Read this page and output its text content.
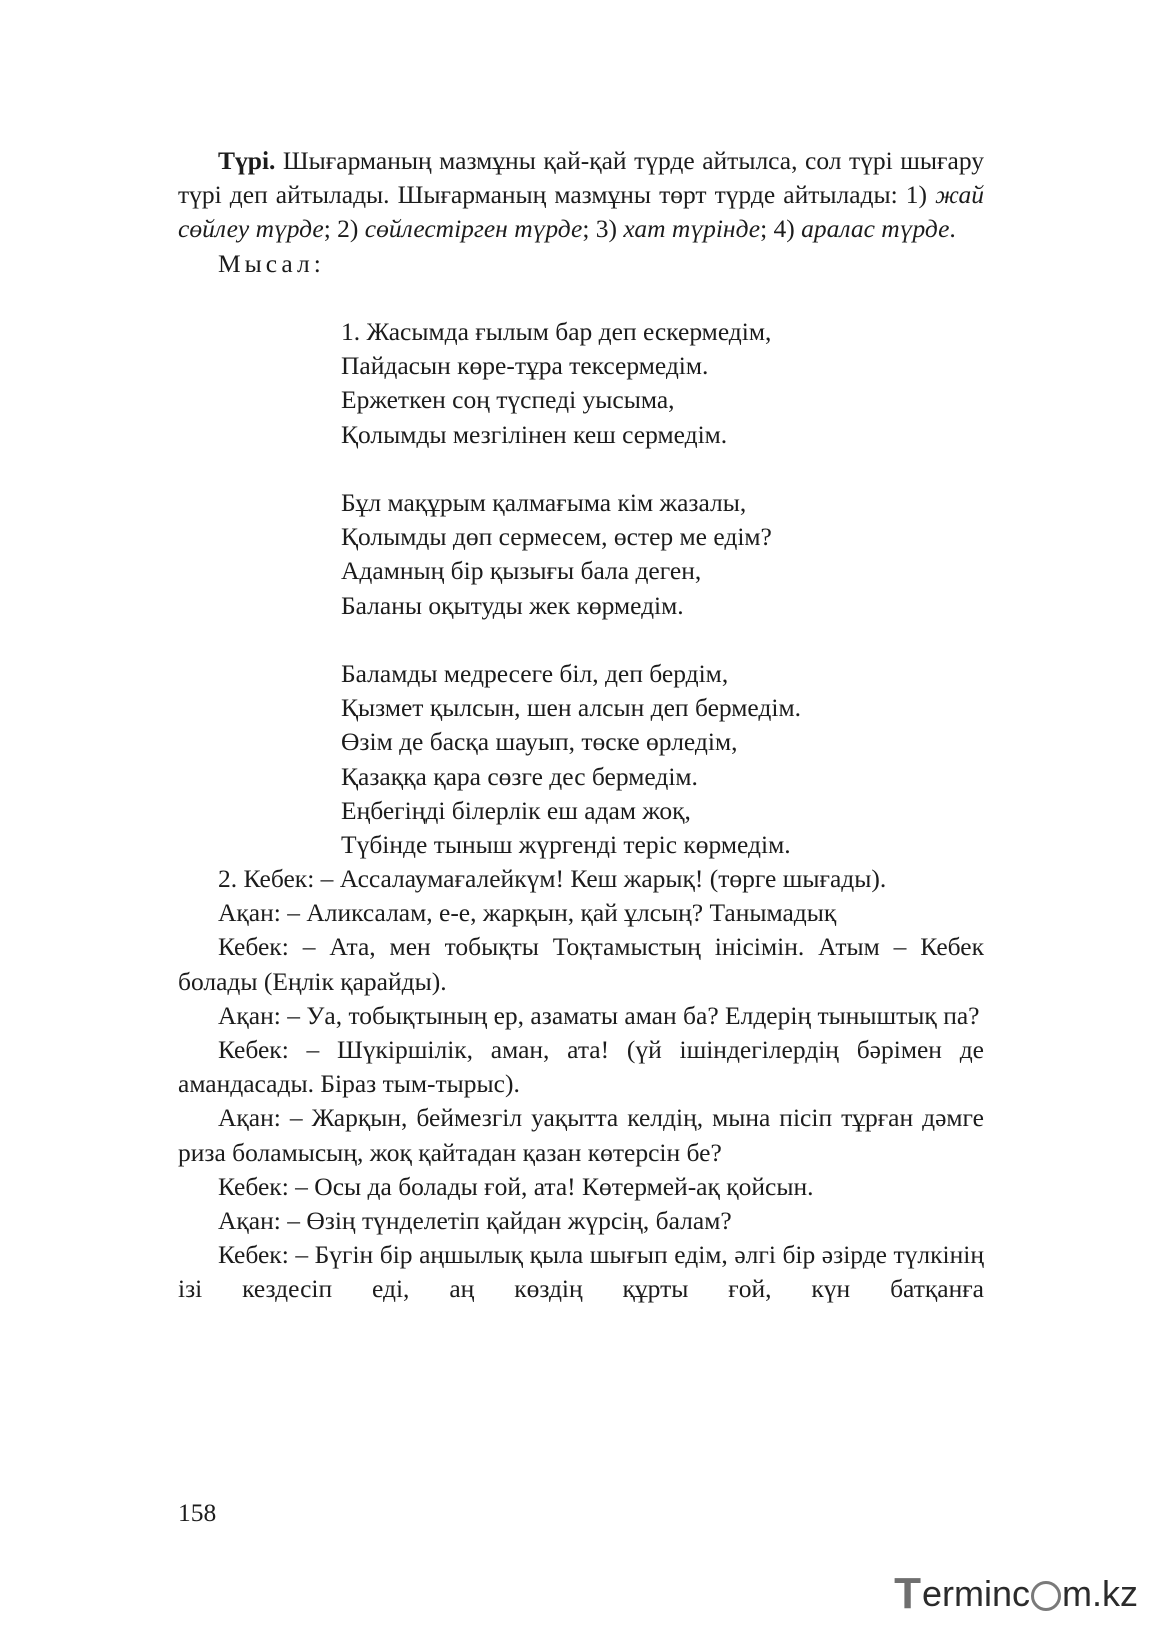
Түрі. Шығарманың мазмұны қай-қай түрде айтылса, сол түрі шығару түрі деп айтылады. Шығарманың мазмұны төрт түрде айтылады: 1) жай сөйлеу түрде; 2) сөйлестірген түрде; 3) хат түрінде; 4) аралас түрде.

Мысал:

1. Жасымда ғылым бар деп ескермедім,

Пайдасын көре-тұра тексермедім.

Ержеткен соң түспеді уысыма,

Қолымды мезгілінен кеш сермедім.

Бұл мақұрым қалмағыма кім жазалы,

Қолымды дөп сермесем, өстер ме едім?

Адамның бір қызығы бала деген,

Баланы оқытуды жек көрмедім.

Баламды медресеге біл, деп бердім,

Қызмет қылсын, шен алсын деп бермедім.

Өзім де басқа шауып, төске өрледім,

Қазаққа қара сөзге дес бермедім.

Еңбегіңді білерлік еш адам жоқ,

Түбінде тыныш жүргенді теріс көрмедім.

2. Кебек: – Ассалаумағалейкүм! Кеш жарық! (төрге шығады).

Ақан: – Аликсалам, е-е, жарқын, қай ұлсың? Танымадық

Кебек: – Ата, мен тобықты Тоқтамыстың інісімін. Атым – Кебек болады (Еңлік қарайды).

Ақан: – Уа, тобықтының ер, азаматы аман ба? Елдерің тыныштық па?

Кебек: – Шүкіршілік, аман, ата! (үй ішіндегілердің бәрімен де амандасады. Біраз тым-тырыс).

Ақан: – Жарқын, беймезгіл уақытта келдің, мына пісіп тұрған дәмге риза боламысың, жоқ қайтадан қазан көтерсін бе?

Кебек: – Осы да болады ғой, ата! Көтермей-ақ қойсын.

Ақан: – Өзің түнделетіп қайдан жүрсің, балам?

Кебек: – Бүгін бір аңшылық қыла шығып едім, әлгі бір әзірде түлкінің ізі кездесіп еді, аң көздің құрты ғой, күн батқанға

158
T ermin c m.kz
